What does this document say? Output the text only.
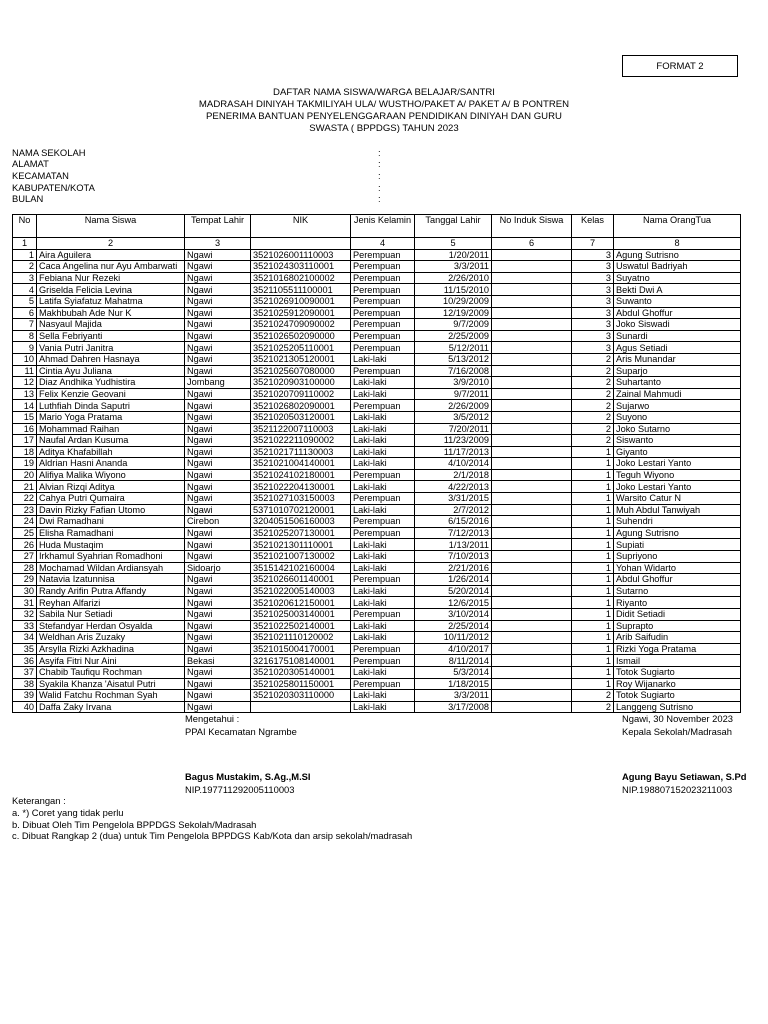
FORMAT 2
DAFTAR NAMA SISWA/WARGA BELAJAR/SANTRI
MADRASAH DINIYAH TAKMILIYAH ULA/ WUSTHO/PAKET A/ PAKET A/ B PONTREN
PENERIMA BANTUAN PENYELENGGARAAN PENDIDIKAN DINIYAH DAN GURU
SWASTA ( BPPDGS) TAHUN 2023
NAMA SEKOLAH	:
ALAMAT	:
KECAMATAN	:
KABUPATEN/KOTA	:
BULAN	:
No	Nama Siswa	Tempat Lahir	NIK	Jenis Kelamin	Tanggal Lahir	No Induk Siswa	Kelas	Nama OrangTua
1	2	3		4	5	6	7	8
1	Aira Aguilera	Ngawi	3521026001110003	Perempuan	1/20/2011		3	Agung Sutrisno
2	Caca Angelina nur Ayu Ambarwati	Ngawi	3521024303110001	Perempuan	3/3/2011		3	Uswatul Badriyah
3	Febiana Nur Rezeki	Ngawi	3521016802100002	Perempuan	2/26/2010		3	Suyatno
4	Griselda Felicia Levina	Ngawi	3521105511100001	Perempuan	11/15/2010		3	Bekti Dwi A
5	Latifa Syiafatuz Mahatma	Ngawi	3521026910090001	Perempuan	10/29/2009		3	Suwanto
6	Makhbubah Ade Nur K	Ngawi	3521025912090001	Perempuan	12/19/2009		3	Abdul Ghoffur
7	Nasyaul Majida	Ngawi	3521024709090002	Perempuan	9/7/2009		3	Joko Siswadi
8	Sella Febriyanti	Ngawi	3521026502090000	Perempuan	2/25/2009		3	Sunardi
9	Vania Putri Janitra	Ngawi	3521025205110001	Perempuan	5/12/2011		3	Agus Setiadi
10	Ahmad Dahren Hasnaya	Ngawi	3521021305120001	Laki-laki	5/13/2012		2	Aris Munandar
11	Cintia Ayu Juliana	Ngawi	3521025607080000	Perempuan	7/16/2008		2	Suparjo
12	Diaz Andhika Yudhistira	Jombang	3521020903100000	Laki-laki	3/9/2010		2	Suhartanto
13	Felix Kenzie Geovani	Ngawi	3521020709110002	Laki-laki	9/7/2011		2	Zainal Mahmudi
14	Luthfiah Dinda Saputri	Ngawi	3521026802090001	Perempuan	2/26/2009		2	Sujarwo
15	Mario Yoga Pratama	Ngawi	3521020503120001	Laki-laki	3/5/2012		2	Suyono
16	Mohammad Raihan	Ngawi	3521122007110003	Laki-laki	7/20/2011		2	Joko Sutarno
17	Naufal Ardan Kusuma	Ngawi	3521022211090002	Laki-laki	11/23/2009		2	Siswanto
18	Aditya Khafabillah	Ngawi	3521021711130003	Laki-laki	11/17/2013		1	Giyanto
19	Aldrian Hasni Ananda	Ngawi	3521021004140001	Laki-laki	4/10/2014		1	Joko Lestari Yanto
20	Alifiya Malika Wiyono	Ngawi	3521024102180001	Perempuan	2/1/2018		1	Teguh Wiyono
21	Alvian Rizqi Aditya	Ngawi	3521022204130001	Laki-laki	4/22/2013		1	Joko Lestari Yanto
22	Cahya Putri Qumaira	Ngawi	3521027103150003	Perempuan	3/31/2015		1	Warsito Catur N
23	Davin Rizky Fafian Utomo	Ngawi	5371010702120001	Laki-laki	2/7/2012		1	Muh Abdul Tanwiyah
24	Dwi Ramadhani	Cirebon	3204051506160003	Perempuan	6/15/2016		1	Suhendri
25	Elisha Ramadhani	Ngawi	3521025207130001	Perempuan	7/12/2013		1	Agung Sutrisno
26	Huda Mustaqim	Ngawi	3521021301110001	Laki-laki	1/13/2011		1	Supiati
27	Irkhamul Syahrian Romadhoni	Ngawi	3521021007130002	Laki-laki	7/10/2013		1	Supriyono
28	Mochamad Wildan Ardiansyah	Sidoarjo	3515142102160004	Laki-laki	2/21/2016		1	Yohan Widarto
29	Natavia Izatunnisa	Ngawi	3521026601140001	Perempuan	1/26/2014		1	Abdul Ghoffur
30	Randy Arifin Putra Affandy	Ngawi	3521022005140003	Laki-laki	5/20/2014		1	Sutarno
31	Reyhan Alfarizi	Ngawi	3521020612150001	Laki-laki	12/6/2015		1	Riyanto
32	Sabila Nur Setiadi	Ngawi	3521025003140001	Perempuan	3/10/2014		1	Didit Setiadi
33	Stefandyar Herdan Osyalda	Ngawi	3521022502140001	Laki-laki	2/25/2014		1	Suprapto
34	Weldhan Aris Zuzaky	Ngawi	3521021110120002	Laki-laki	10/11/2012		1	Arib Saifudin
35	Arsylla Rizki Azkhadina	Ngawi	3521015004170001	Perempuan	4/10/2017		1	Rizki Yoga Pratama
36	Asyifa Fitri Nur Aini	Bekasi	3216175108140001	Perempuan	8/11/2014		1	Ismail
37	Chabib Taufiqu Rochman	Ngawi	3521020305140001	Laki-laki	5/3/2014		1	Totok Sugiarto
38	Syakila Khanza 'Aisatul Putri	Ngawi	3521025801150001	Perempuan	1/18/2015		1	Roy Wijanarko
39	Walid Fatchu Rochman Syah	Ngawi	3521020303110000	Laki-laki	3/3/2011		2	Totok Sugiarto
40	Daffa Zaky Irvana	Ngawi		Laki-laki	3/17/2008		2	Langgeng Sutrisno
Mengetahui :
PPAI Kecamatan Ngrambe
Bagus Mustakim, S.Ag.,M.SI
NIP.197711292005110003
Ngawi, 30 November 2023
Kepala Sekolah/Madrasah
Agung Bayu Setiawan, S.Pd
NIP.198807152023211003
Keterangan :
a. *) Coret yang tidak perlu
b. Dibuat Oleh Tim Pengelola BPPDGS Sekolah/Madrasah
c. Dibuat Rangkap 2 (dua) untuk Tim Pengelola BPPDGS Kab/Kota dan arsip sekolah/madrasah
